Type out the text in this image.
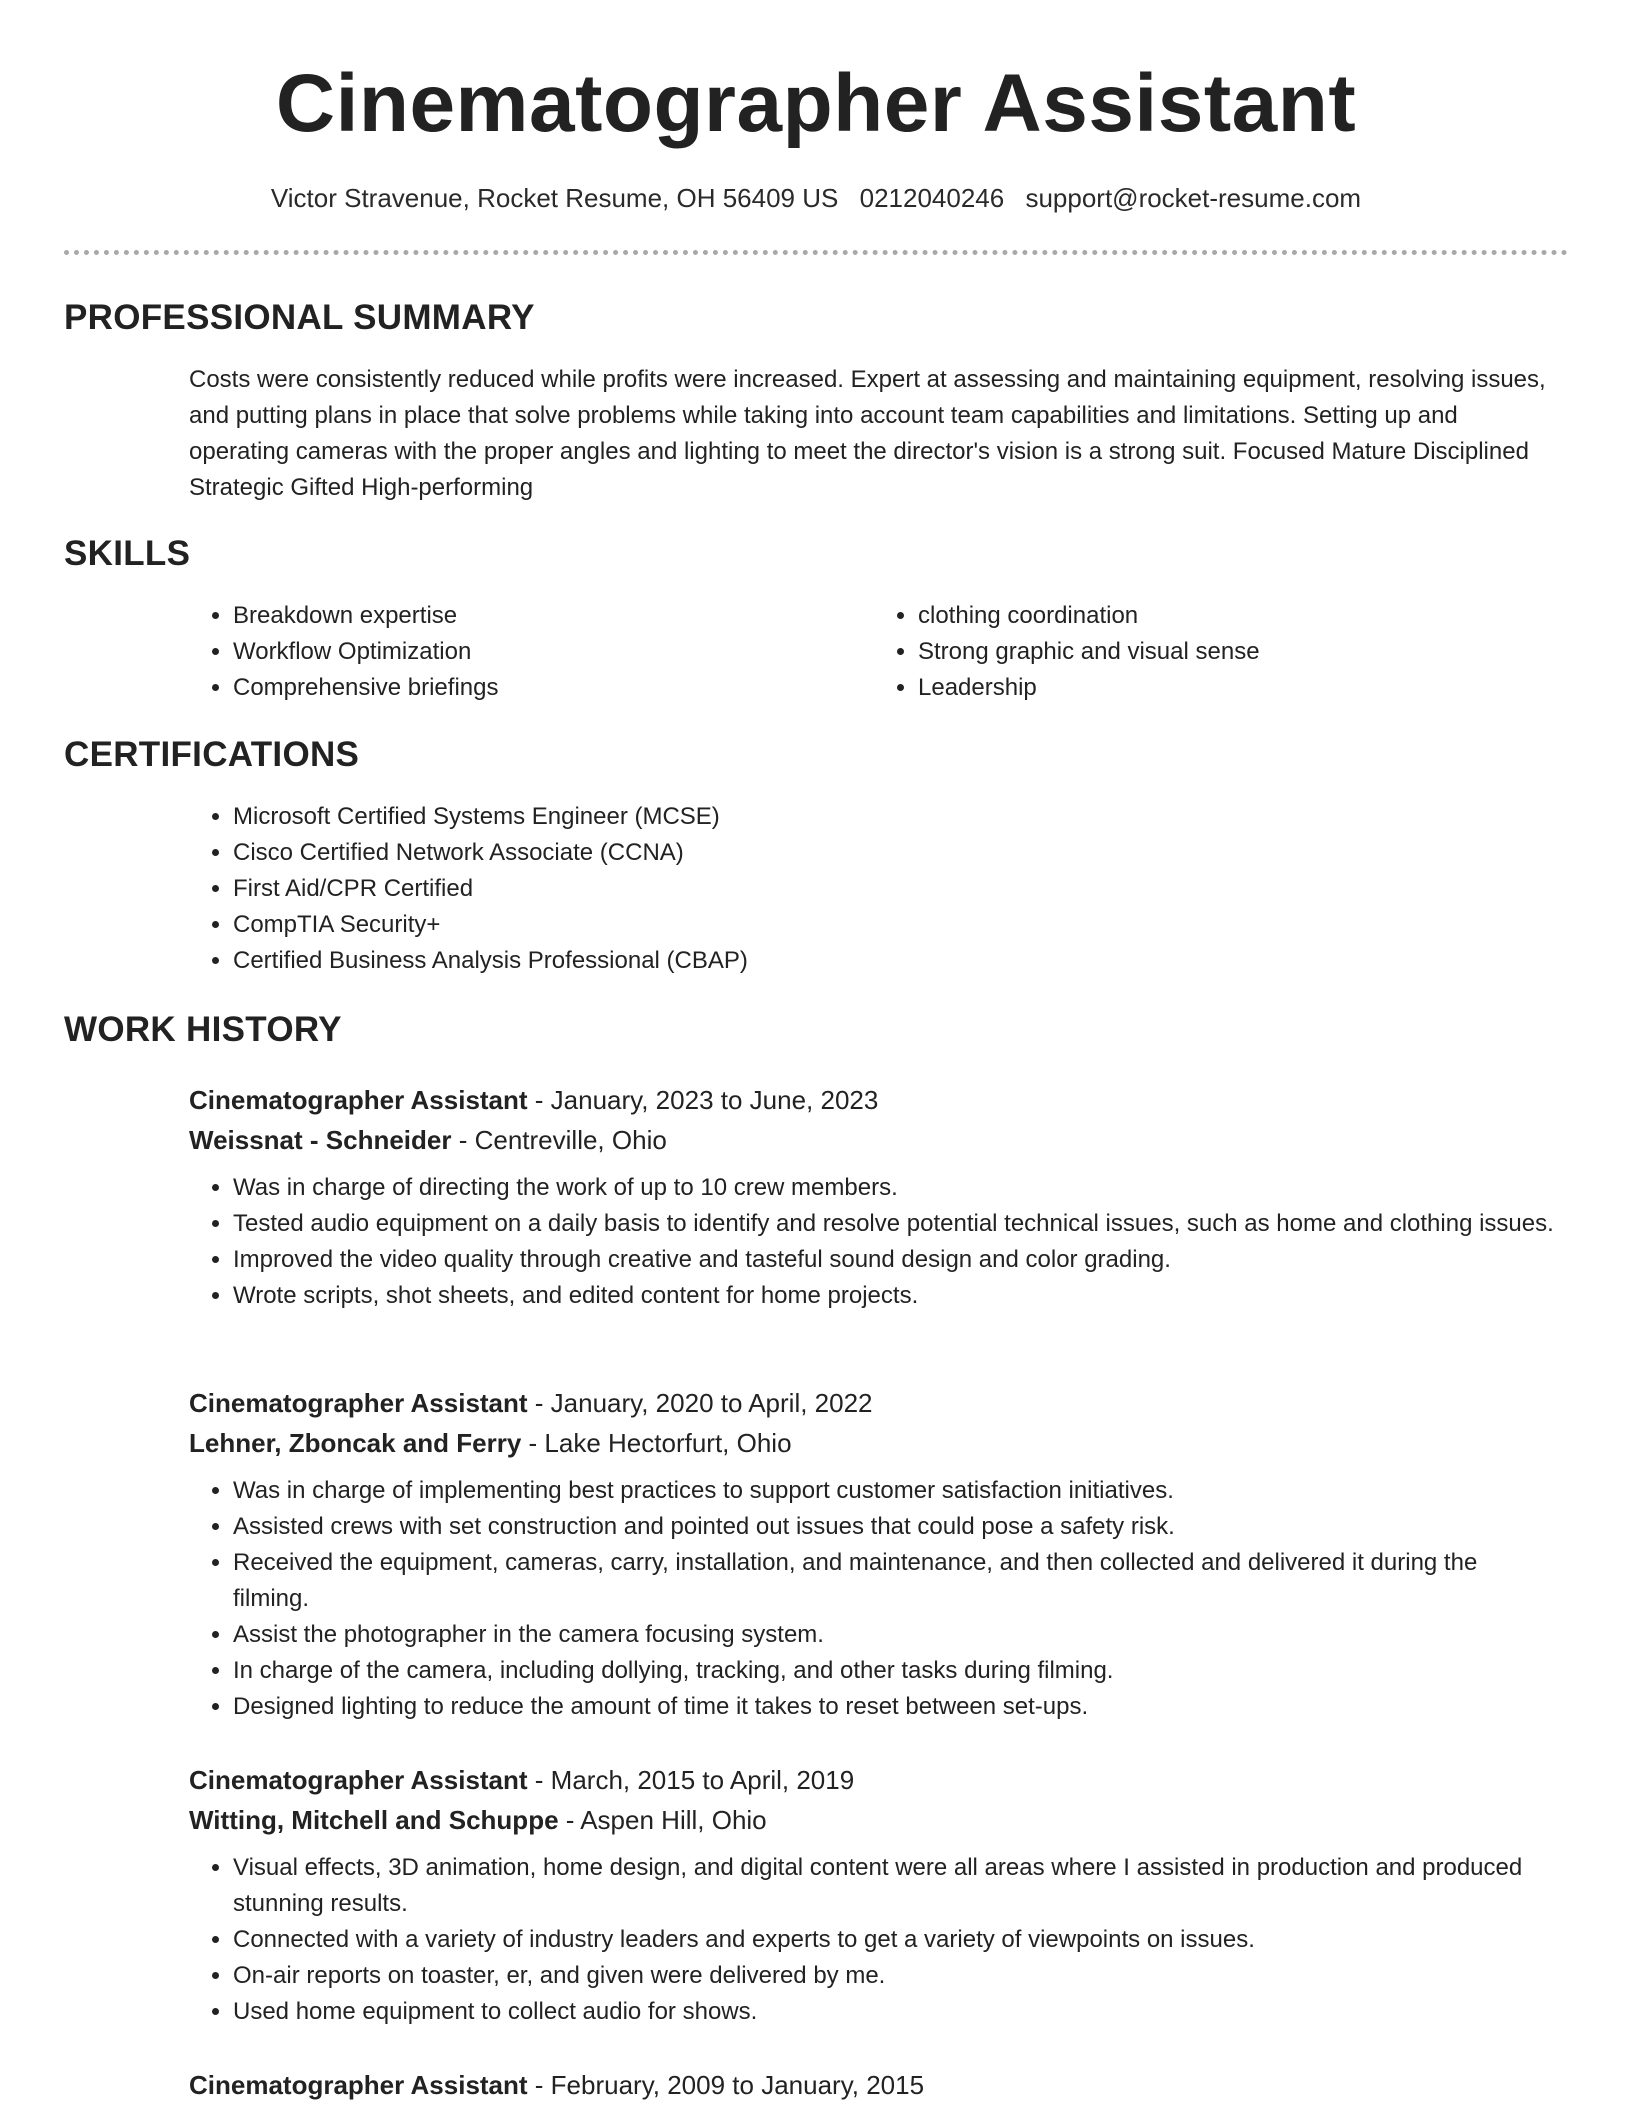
Cinematographer Assistant
Victor Stravenue, Rocket Resume, OH 56409 US 0212040246 support@rocket-resume.com
PROFESSIONAL SUMMARY

Costs were consistently reduced while profits were increased. Expert at assessing and maintaining equipment, resolving issues, and putting plans in place that solve problems while taking into account team capabilities and limitations. Setting up and operating cameras with the proper angles and lighting to meet the director's vision is a strong suit. Focused Mature Disciplined Strategic Gifted High-performing

SKILLS
• Breakdown expertise
• Workflow Optimization
• Comprehensive briefings
• clothing coordination
• Strong graphic and visual sense
• Leadership
CERTIFICATIONS
• Microsoft Certified Systems Engineer (MCSE)
• Cisco Certified Network Associate (CCNA)
• First Aid/CPR Certified
• CompTIA Security+
• Certified Business Analysis Professional (CBAP)
WORK HISTORY

Cinematographer Assistant - January, 2023 to June, 2023

Weissnat - Schneider - Centreville, Ohio

• Was in charge of directing the work of up to 10 crew members.
• Tested audio equipment on a daily basis to identify and resolve potential technical issues, such as home and clothing issues.
• Improved the video quality through creative and tasteful sound design and color grading.
• Wrote scripts, shot sheets, and edited content for home projects.

Cinematographer Assistant - January, 2020 to April, 2022

Lehner, Zboncak and Ferry - Lake Hectorfurt, Ohio

• Was in charge of implementing best practices to support customer satisfaction initiatives.
• Assisted crews with set construction and pointed out issues that could pose a safety risk.
• Received the equipment, cameras, carry, installation, and maintenance, and then collected and delivered it during the filming.
• Assist the photographer in the camera focusing system.
• In charge of the camera, including dollying, tracking, and other tasks during filming.
• Designed lighting to reduce the amount of time it takes to reset between set-ups.

Cinematographer Assistant - March, 2015 to April, 2019

Witting, Mitchell and Schuppe - Aspen Hill, Ohio

• Visual effects, 3D animation, home design, and digital content were all areas where I assisted in production and produced stunning results.
• Connected with a variety of industry leaders and experts to get a variety of viewpoints on issues.
• On-air reports on toaster, er, and given were delivered by me.
• Used home equipment to collect audio for shows.

Cinematographer Assistant - February, 2009 to January, 2015
